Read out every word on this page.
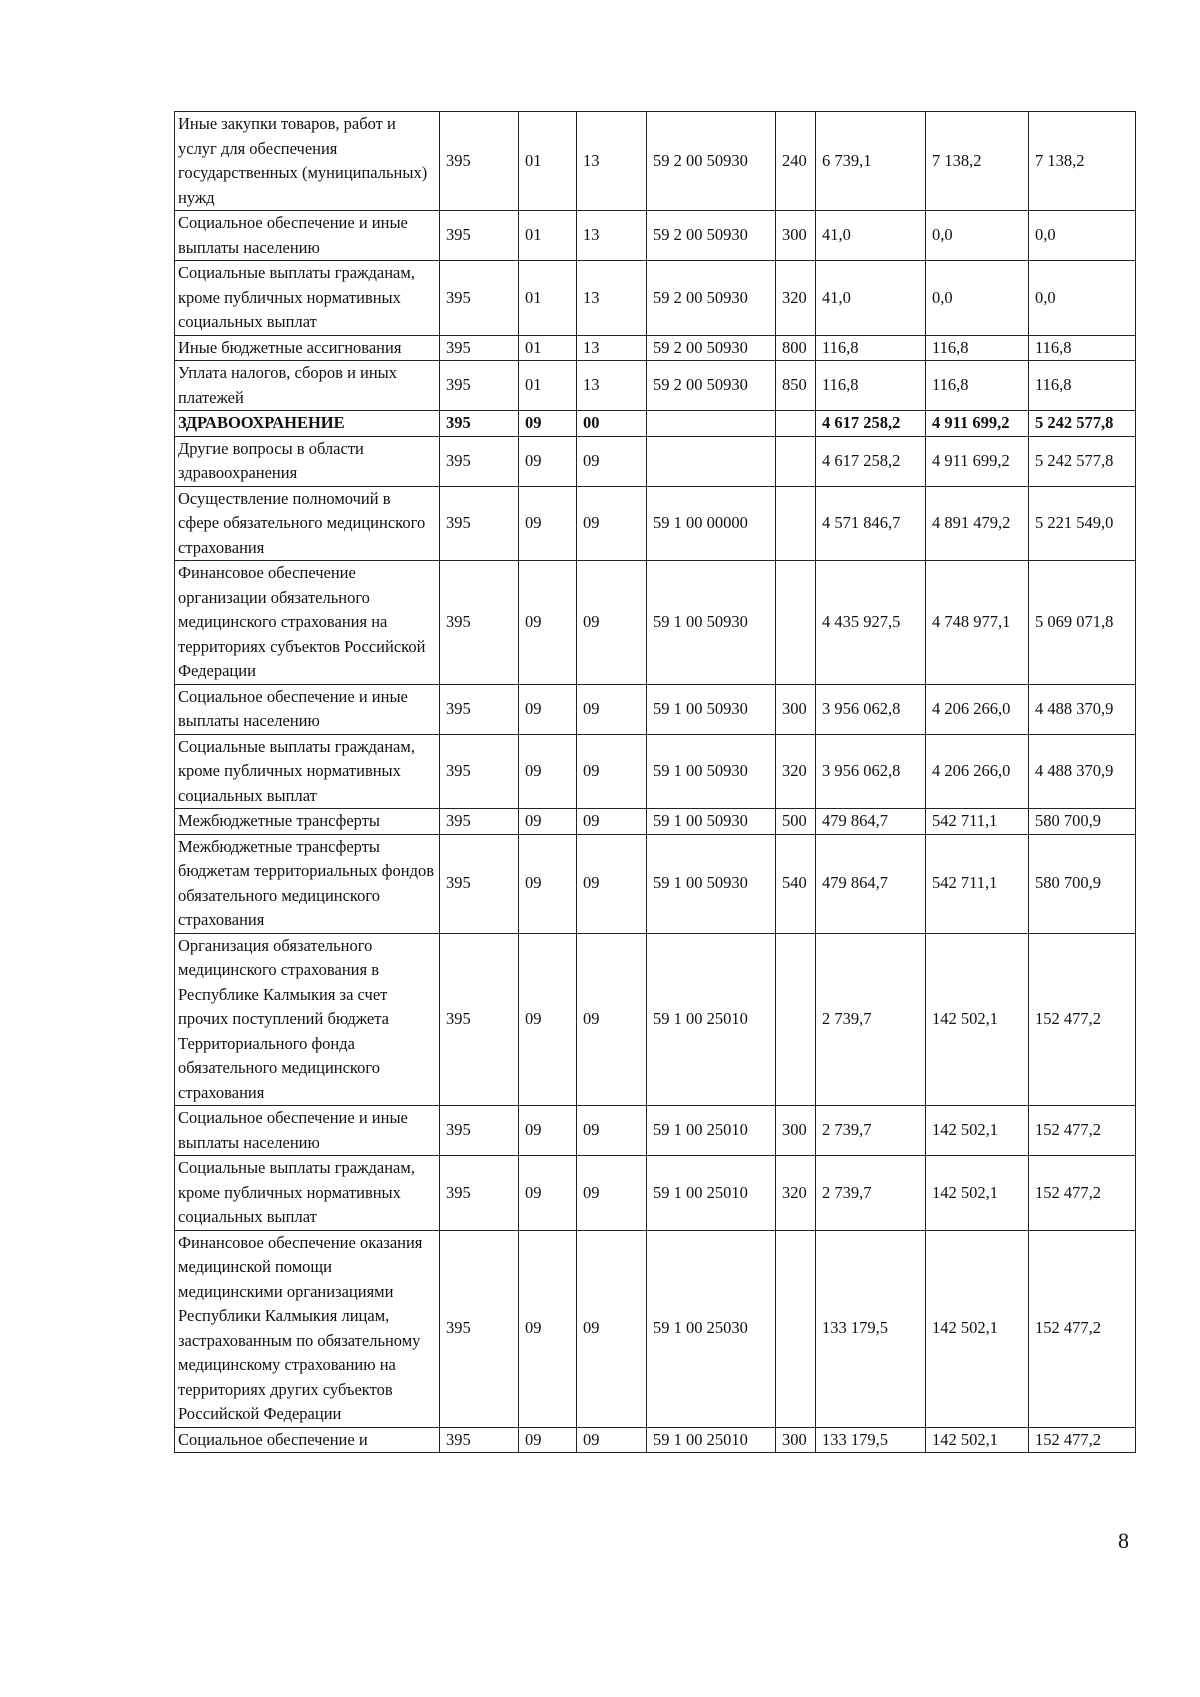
Иные закупки товаров, работ и услуг для обеспечения государственных (муниципальных) нужд	395	01	13	59 2 00 50930	240	6 739,1	7 138,2	7 138,2
Социальное обеспечение и иные выплаты населению	395	01	13	59 2 00 50930	300	41,0	0,0	0,0
Социальные выплаты гражданам, кроме публичных нормативных социальных выплат	395	01	13	59 2 00 50930	320	41,0	0,0	0,0
Иные бюджетные ассигнования	395	01	13	59 2 00 50930	800	116,8	116,8	116,8
Уплата налогов, сборов и иных платежей	395	01	13	59 2 00 50930	850	116,8	116,8	116,8
ЗДРАВООХРАНЕНИЕ	395	09	00			4 617 258,2	4 911 699,2	5 242 577,8
Другие вопросы в области здравоохранения	395	09	09			4 617 258,2	4 911 699,2	5 242 577,8
Осуществление полномочий в сфере обязательного медицинского страхования	395	09	09	59 1 00 00000		4 571 846,7	4 891 479,2	5 221 549,0
Финансовое обеспечение организации обязательного медицинского страхования на территориях субъектов Российской Федерации	395	09	09	59 1 00 50930		4 435 927,5	4 748 977,1	5 069 071,8
Социальное обеспечение и иные выплаты населению	395	09	09	59 1 00 50930	300	3 956 062,8	4 206 266,0	4 488 370,9
Социальные выплаты гражданам, кроме публичных нормативных социальных выплат	395	09	09	59 1 00 50930	320	3 956 062,8	4 206 266,0	4 488 370,9
Межбюджетные трансферты	395	09	09	59 1 00 50930	500	479 864,7	542 711,1	580 700,9
Межбюджетные трансферты бюджетам территориальных фондов обязательного медицинского страхования	395	09	09	59 1 00 50930	540	479 864,7	542 711,1	580 700,9
Организация обязательного медицинского страхования в Республике Калмыкия за счет прочих поступлений бюджета Территориального фонда обязательного медицинского страхования	395	09	09	59 1 00 25010		2 739,7	142 502,1	152 477,2
Социальное обеспечение и иные выплаты населению	395	09	09	59 1 00 25010	300	2 739,7	142 502,1	152 477,2
Социальные выплаты гражданам, кроме публичных нормативных социальных выплат	395	09	09	59 1 00 25010	320	2 739,7	142 502,1	152 477,2
Финансовое обеспечение оказания медицинской помощи медицинскими организациями Республики Калмыкия лицам, застрахованным по обязательному медицинскому страхованию на территориях других субъектов Российской Федерации	395	09	09	59 1 00 25030		133 179,5	142 502,1	152 477,2
Социальное обеспечение и	395	09	09	59 1 00 25010	300	133 179,5	142 502,1	152 477,2
8
